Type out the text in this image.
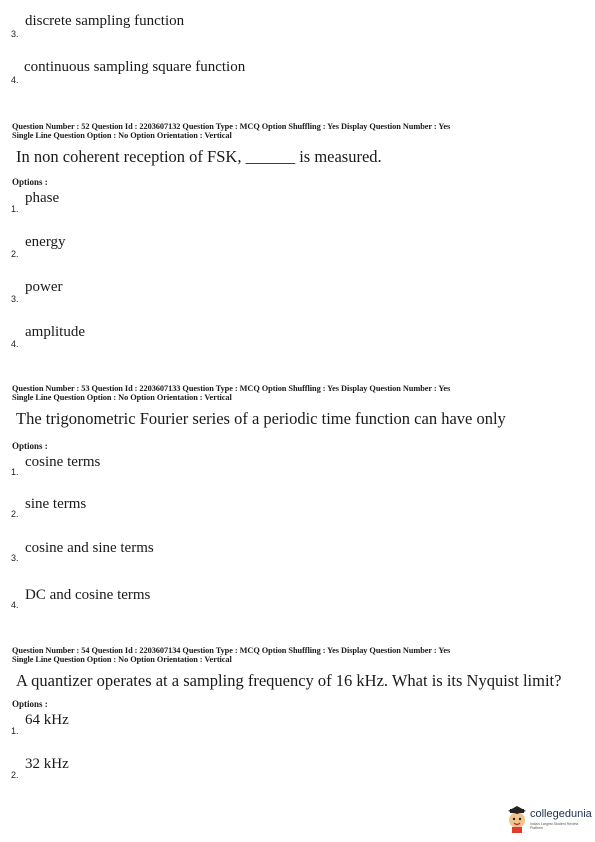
3.
discrete sampling function
4.
continuous sampling square function
Question Number : 52 Question Id : 2203607132 Question Type : MCQ Option Shuffling : Yes Display Question Number : Yes
Single Line Question Option : No Option Orientation : Vertical
In non coherent reception of FSK, ______ is measured.
Options :
1.
phase
2.
energy
3.
power
4.
amplitude
Question Number : 53 Question Id : 2203607133 Question Type : MCQ Option Shuffling : Yes Display Question Number : Yes
Single Line Question Option : No Option Orientation : Vertical
The trigonometric Fourier series of a periodic time function can have only
Options :
1.
cosine terms
2.
sine terms
3.
cosine and sine terms
4.
DC and cosine terms
Question Number : 54 Question Id : 2203607134 Question Type : MCQ Option Shuffling : Yes Display Question Number : Yes
Single Line Question Option : No Option Orientation : Vertical
A quantizer operates at a sampling frequency of 16 kHz. What is its Nyquist limit?
Options :
1.
64 kHz
2.
32 kHz
collegedunia
India's Largest Student Review Platform
